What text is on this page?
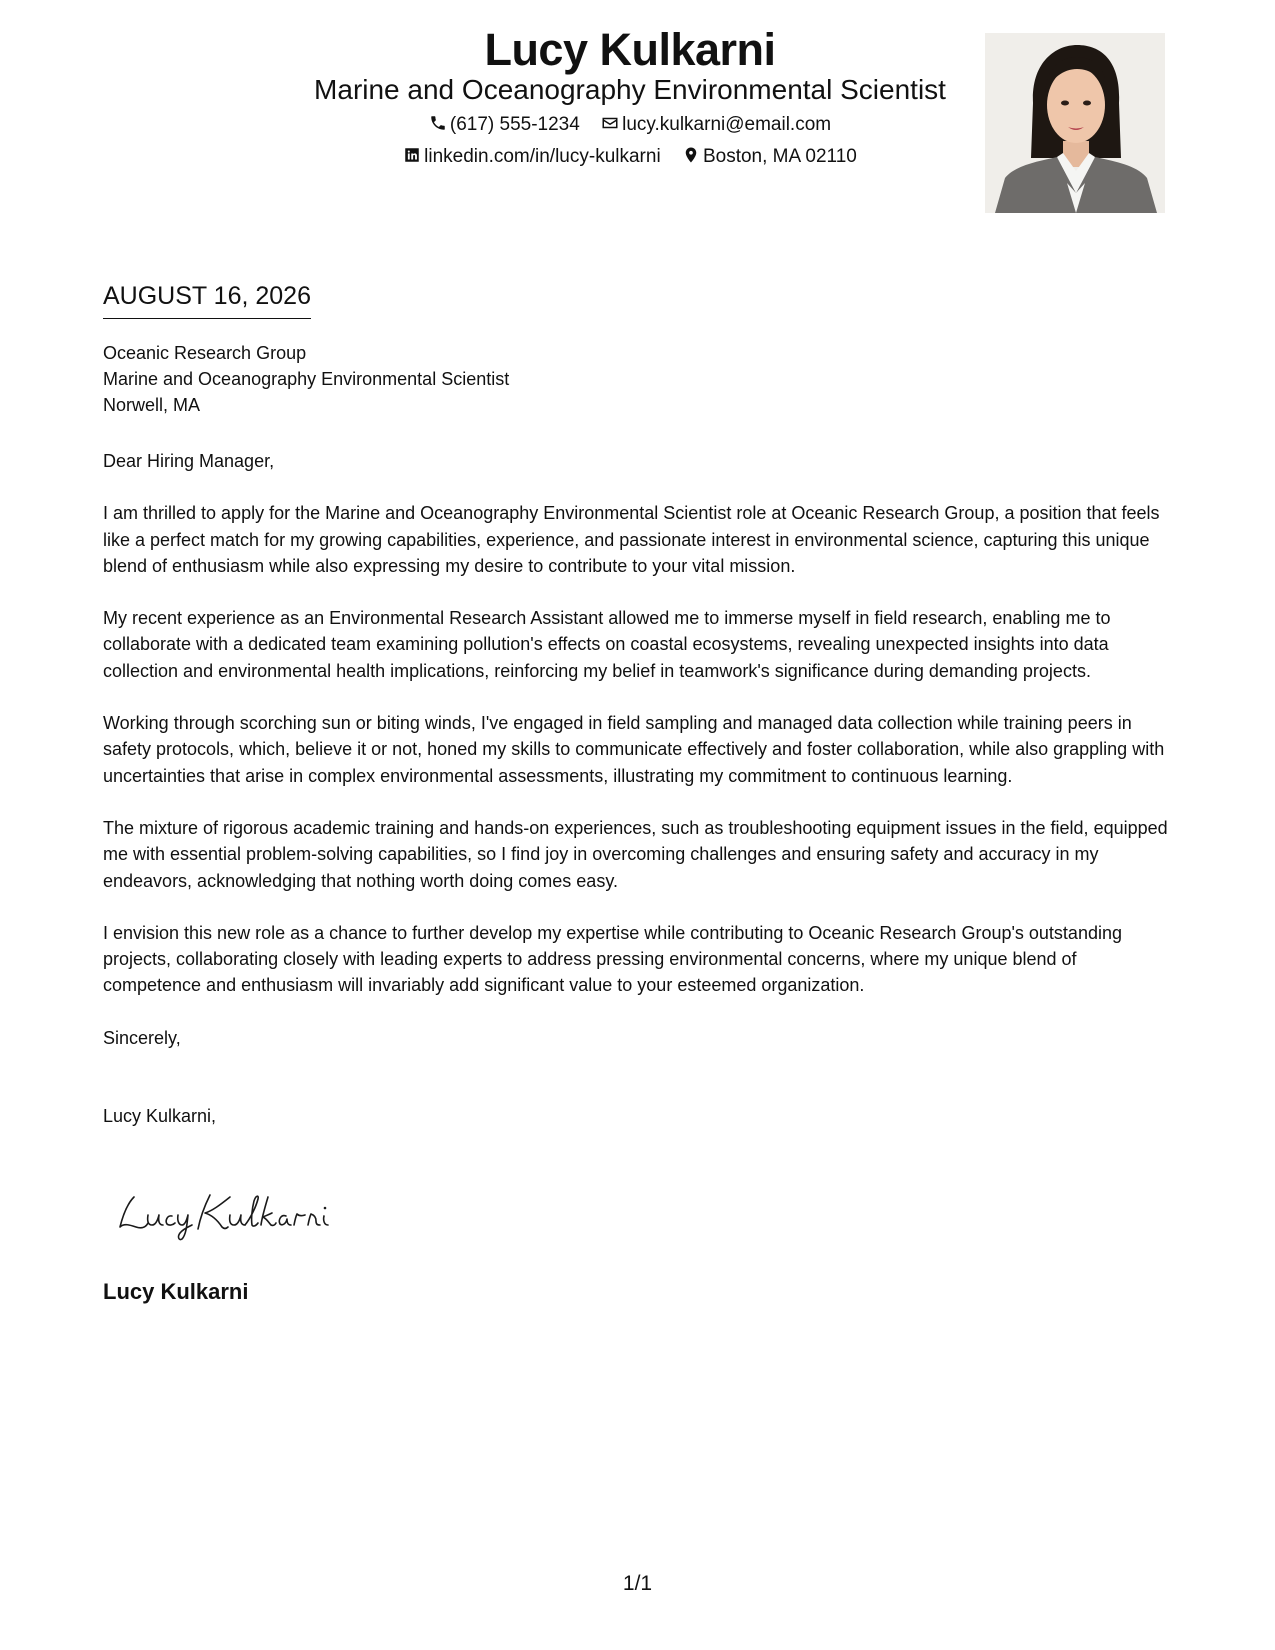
Lucy Kulkarni
Marine and Oceanography Environmental Scientist
(617) 555-1234 lucy.kulkarni@email.com
linkedin.com/in/lucy-kulkarni Boston, MA 02110
AUGUST 16, 2026
Oceanic Research Group
Marine and Oceanography Environmental Scientist
Norwell, MA

Dear Hiring Manager,

I am thrilled to apply for the Marine and Oceanography Environmental Scientist role at Oceanic Research Group, a position that feels like a perfect match for my growing capabilities, experience, and passionate interest in environmental science, capturing this unique blend of enthusiasm while also expressing my desire to contribute to your vital mission.

My recent experience as an Environmental Research Assistant allowed me to immerse myself in field research, enabling me to collaborate with a dedicated team examining pollution's effects on coastal ecosystems, revealing unexpected insights into data collection and environmental health implications, reinforcing my belief in teamwork's significance during demanding projects.

Working through scorching sun or biting winds, I've engaged in field sampling and managed data collection while training peers in safety protocols, which, believe it or not, honed my skills to communicate effectively and foster collaboration, while also grappling with uncertainties that arise in complex environmental assessments, illustrating my commitment to continuous learning.

The mixture of rigorous academic training and hands-on experiences, such as troubleshooting equipment issues in the field, equipped me with essential problem-solving capabilities, so I find joy in overcoming challenges and ensuring safety and accuracy in my endeavors, acknowledging that nothing worth doing comes easy.

I envision this new role as a chance to further develop my expertise while contributing to Oceanic Research Group's outstanding projects, collaborating closely with leading experts to address pressing environmental concerns, where my unique blend of competence and enthusiasm will invariably add significant value to your esteemed organization.

Sincerely,

Lucy Kulkarni,

Lucy Kulkarni
1/1
